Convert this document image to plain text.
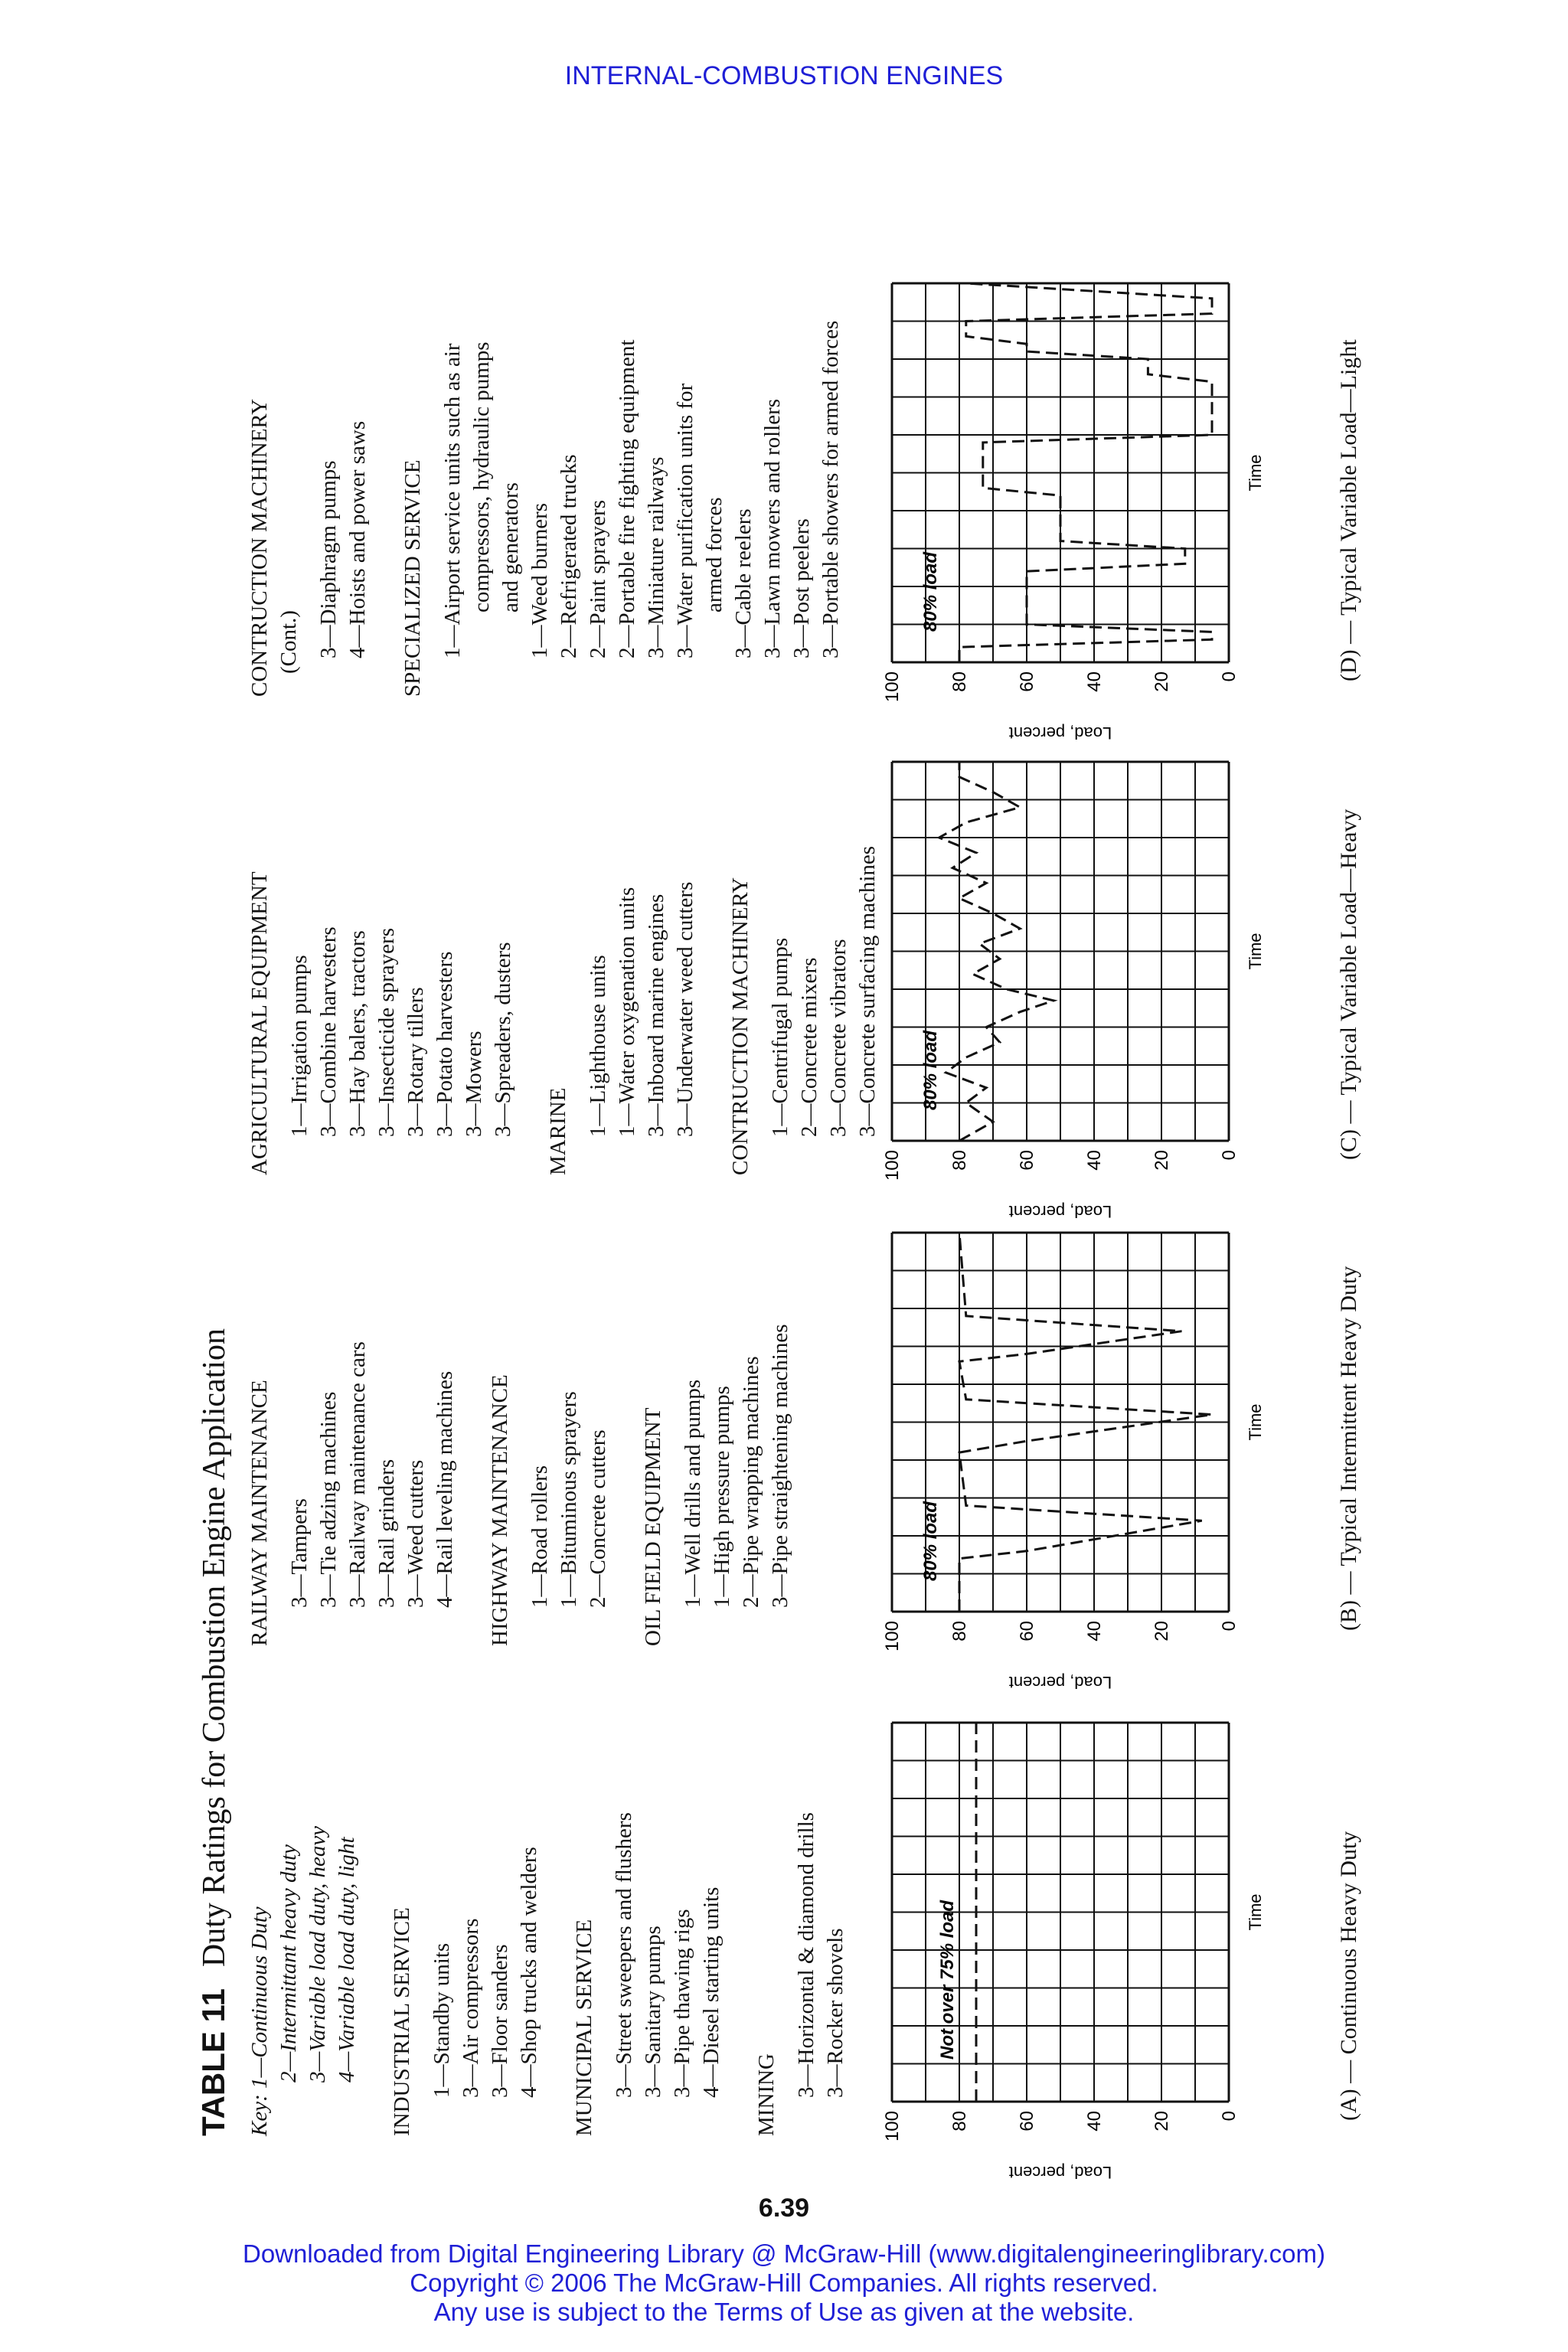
INTERNAL-COMBUSTION ENGINES
TABLE 11Duty Ratings for Combustion Engine Application
Key: 1—Continuous Duty 2—Intermittant heavy duty 3—Variable load duty, heavy 4—Variable load duty, light INDUSTRIAL SERVICE 1—Standby units 3—Air compressors 3—Floor sanders 4—Shop trucks and welders MUNICIPAL SERVICE 3—Street sweepers and flushers 3—Sanitary pumps 3—Pipe thawing rigs 4—Diesel starting units MINING 3—Horizontal & diamond drills 3—Rocker shovels
RAILWAY MAINTENANCE 3—Tampers 3—Tie adzing machines 3—Railway maintenance cars 3—Rail grinders 3—Weed cutters 4—Rail leveling machines HIGHWAY MAINTENANCE 1—Road rollers 1—Bituminous sprayers 2—Concrete cutters OIL FIELD EQUIPMENT 1—Well drills and pumps 1—High pressure pumps 2—Pipe wrapping machines 3—Pipe straightening machines
AGRICULTURAL EQUIPMENT 1—Irrigation pumps 3—Combine harvesters 3—Hay balers, tractors 3—Insecticide sprayers 3—Rotary tillers 3—Potato harvesters 3—Mowers 3—Spreaders, dusters MARINE 1—Lighthouse units 1—Water oxygenation units 3—Inboard marine engines 3—Underwater weed cutters CONTRUCTION MACHINERY 1—Centrifugal pumps 2—Concrete mixers 3—Concrete vibrators 3—Concrete surfacing machines
CONTRUCTION MACHINERY (Cont.) 3—Diaphragm pumps 4—Hoists and power saws SPECIALIZED SERVICE 1—Airport service units such as air compressors, hydraulic pumps and generators 1—Weed burners 2—Refrigerated trucks 2—Paint sprayers 2—Portable fire fighting equipment 3—Miniature railways 3—Water purification units for armed forces 3—Cable reelers 3—Lawn mowers and rollers 3—Post peelers 3—Portable showers for armed forces
100	80	60	40	20	0
Load, percent
Time
Not over 75% load	(A) — Continuous Heavy Duty
100	80	60	40	20	0
Load, percent
Time
80% load	(B) — Typical Intermittent Heavy Duty
100	80	60	40	20	0
Load, percent
Time
80% load	(C) — Typical Variable Load—Heavy
100	80	60	40	20	0
Load, percent
Time
80% load	(D) — Typical Variable Load—Light
6.39
Downloaded from Digital Engineering Library @ McGraw-Hill (www.digitalengineeringlibrary.com)
Copyright © 2006 The McGraw-Hill Companies. All rights reserved.
Any use is subject to the Terms of Use as given at the website.
